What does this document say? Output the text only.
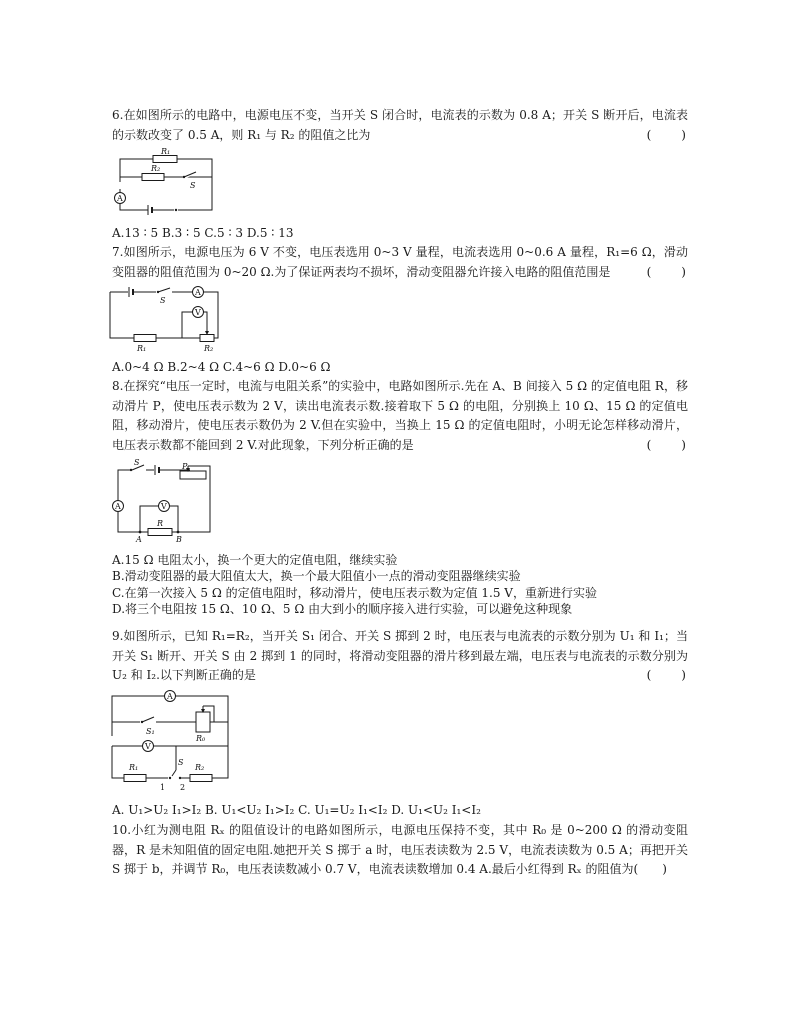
6.在如图所示的电路中，电源电压不变，当开关 S 闭合时，电流表的示数为 0.8 A；开关 S 断开后，电流表的示数改变了 0.5 A，则 R₁ 与 R₂ 的阻值之比为	(　　)

R₁
R₂
S
A

A.13 ∶ 5 B.3 ∶ 5 C.5 ∶ 3 D.5 ∶ 13

7.如图所示，电源电压为 6 V 不变，电压表选用 0~3 V 量程，电流表选用 0~0.6 A 量程，R₁=6 Ω，滑动变阻器的阻值范围为 0~20 Ω.为了保证两表均不损坏，滑动变阻器允许接入电路的阻值范围是	(　　)

S
A
V
R₁	R₂

A.0~4 Ω B.2~4 Ω C.4~6 Ω D.0~6 Ω

8.在探究“电压一定时，电流与电阻关系”的实验中，电路如图所示.先在 A、B 间接入 5 Ω 的定值电阻 R，移动滑片 P，使电压表示数为 2 V，读出电流表示数.接着取下 5 Ω 的电阻，分别换上 10 Ω、15 Ω 的定值电阻，移动滑片，使电压表示数仍为 2 V.但在实验中，当换上 15 Ω 的定值电阻时，小明无论怎样移动滑片，电压表示数都不能回到 2 V.对此现象，下列分析正确的是	(　　)

S	P
A	V
R
A	B
A.15 Ω 电阻太小，换一个更大的定值电阻，继续实验
B.滑动变阻器的最大阻值太大，换一个最大阻值小一点的滑动变阻器继续实验
C.在第一次接入 5 Ω 的定值电阻时，移动滑片，使电压表示数为定值 1.5 V，重新进行实验
D.将三个电阻按 15 Ω、10 Ω、5 Ω 由大到小的顺序接入进行实验，可以避免这种现象

9.如图所示，已知 R₁=R₂，当开关 S₁ 闭合、开关 S 掷到 2 时，电压表与电流表的示数分别为 U₁ 和 I₁；当开关 S₁ 断开、开关 S 由 2 掷到 1 的同时，将滑动变阻器的滑片移到最左端，电压表与电流表的示数分别为 U₂ 和 I₂.以下判断正确的是	(　　)

A
S₁
R₀
V
S
R₁	R₂
1 2

A. U₁>U₂ I₁>I₂ B. U₁<U₂ I₁>I₂ C. U₁=U₂ I₁<I₂ D. U₁<U₂ I₁<I₂

10.小红为测电阻 Rₓ 的阻值设计的电路如图所示，电源电压保持不变，其中 R₀ 是 0~200 Ω 的滑动变阻器，R 是未知阻值的固定电阻.她把开关 S 掷于 a 时，电压表读数为 2.5 V，电流表读数为 0.5 A；再把开关 S 掷于 b，并调节 R₀，电压表读数减小 0.7 V，电流表读数增加 0.4 A.最后小红得到 Rₓ 的阻值为(　　)
